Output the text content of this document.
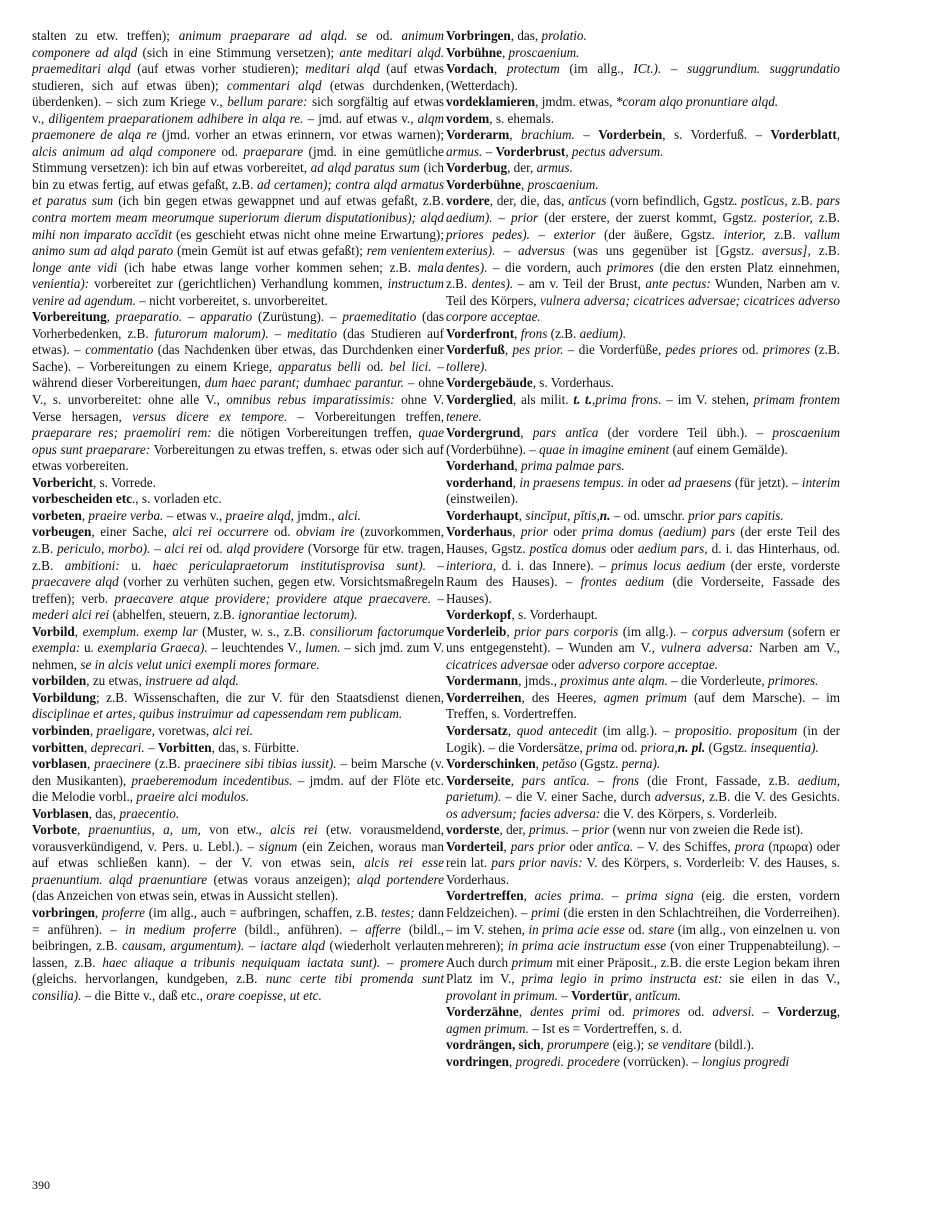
stalten zu etw. treffen); animum praeparare ad alqd. se od. animum componere ad alqd (sich in eine Stimmung versetzen); ante meditari alqd. praemeditari alqd (auf etwas vorher studieren); meditari alqd (auf etwas studieren, sich auf etwas üben); commentari alqd (etwas durchdenken, überdenken). – sich zum Kriege v., bellum parare: sich sorgfältig auf etwas v., diligentem praeparationem adhibere in alqa re. – jmd. auf etwas v., alqm praemonere de alqa re (jmd. vorher an etwas erinnern, vor etwas warnen); alcis animum ad alqd componere od. praeparare (jmd. in eine gemütliche Stimmung versetzen): ich bin auf etwas vorbereitet, ad alqd paratus sum (ich bin zu etwas fertig, auf etwas gefaßt, z.B. ad certamen); contra alqd armatus et paratus sum (ich bin gegen etwas gewappnet und auf etwas gefaßt, z.B. contra mortem meam meorumque superiorum dierum disputationibus); alqd mihi non imparato accĭdit (es geschieht etwas nicht ohne meine Erwartung); animo sum ad alqd parato (mein Gemüt ist auf etwas gefaßt); rem venientem longe ante vidi (ich habe etwas lange vorher kommen sehen; z.B. mala venientia): vorbereitet zur (gerichtlichen) Verhandlung kommen, instructum venire ad agendum. – nicht vorbereitet, s. unvorbereitet.

Vorbereitung, praeparatio. – apparatio (Zurüstung). – praemeditatio (das Vorherbedenken, z.B. futurorum malorum). – meditatio (das Studieren auf etwas). – commentatio (das Nachdenken über etwas, das Durchdenken einer Sache). – Vorbereitungen zu einem Kriege, apparatus belli od. bel lici. – während dieser Vorbereitungen, dum haec parant; dumhaec parantur. – ohne V., s. unvorbereitet: ohne alle V., omnibus rebus imparatissimis: ohne V. Verse hersagen, versus dicere ex tempore. – Vorbereitungen treffen, praeparare res; praemoliri rem: die nötigen Vorbereitungen treffen, quae opus sunt praeparare: Vorbereitungen zu etwas treffen, s. etwas oder sich auf etwas vorbereiten.

Vorbericht, s. Vorrede.

vorbescheiden etc., s. vorladen etc.

vorbeten, praeire verba. – etwas v., praeire alqd, jmdm., alci.

vorbeugen, einer Sache, alci rei occurrere od. obviam ire (zuvorkommen, z.B. periculo, morbo). – alci rei od. alqd providere (Vorsorge für etw. tragen, z.B. ambitioni: u. haec periculapraetorum institutisprovisa sunt). – praecavere alqd (vorher zu verhüten suchen, gegen etw. Vorsichtsmaßregeln treffen); verb. praecavere atque providere; providere atque praecavere. – mederi alci rei (abhelfen, steuern, z.B. ignorantiae lectorum).

Vorbild, exemplum. exemp lar (Muster, w. s., z.B. consiliorum factorumque exempla: u. exemplaria Graeca). – leuchtendes V., lumen. – sich jmd. zum V. nehmen, se in alcis velut unici exempli mores formare.

vorbilden, zu etwas, instruere ad alqd.

Vorbildung; z.B. Wissenschaften, die zur V. für den Staatsdienst dienen, disciplinae et artes, quibus instruimur ad capessendam rem publicam.

vorbinden, praeligare, voretwas, alci rei.

vorbitten, deprecari. – Vorbitten, das, s. Fürbitte.

vorblasen, praecinere (z.B. praecinere sibi tibias iussit). – beim Marsche (v. den Musikanten), praeberemodum incedentibus. – jmdm. auf der Flöte etc. die Melodie vorbl., praeire alci modulos.

Vorblasen, das, praecentio.

Vorbote, praenuntius, a, um, von etw., alcis rei (etw. vorausmeldend, vorausverkündigend, v. Pers. u. Lebl.). – signum (ein Zeichen, woraus man auf etwas schließen kann). – der V. von etwas sein, alcis rei esse praenuntium. alqd praenuntiare (etwas voraus anzeigen); alqd portendere (das Anzeichen von etwas sein, etwas in Aussicht stellen).

vorbringen, proferre (im allg., auch = aufbringen, schaffen, z.B. testes; dann = anführen). – in medium proferre (bildl., anführen). – afferre (bildl., beibringen, z.B. causam, argumentum). – iactare alqd (wiederholt verlauten lassen, z.B. haec aliaque a tribunis nequiquam iactata sunt). – promere (gleichs. hervorlangen, kundgeben, z.B. nunc certe tibi promenda sunt consilia). – die Bitte v., daß etc., orare coepisse, ut etc.

Vorbringen, das, prolatio.

Vorbühne, proscaenium.

Vordach, protectum (im allg., ICt.). – suggrundium. suggrundatio (Wetterdach).

vordeklamieren, jmdm. etwas, *coram alqo pronuntiare alqd.

vordem, s. ehemals.

Vorderarm, brachium. – Vorderbein, s. Vorderfuß. – Vorderblatt, armus. – Vorderbrust, pectus adversum.

Vorderbug, der, armus.

Vorderbühne, proscaenium.

vordere, der, die, das, antĭcus (vorn befindlich, Ggstz. postĭcus, z.B. pars aedium). – prior (der erstere, der zuerst kommt, Ggstz. posterior, z.B. priores pedes). – exterior (der äußere, Ggstz. interior, z.B. vallum exterius). – adversus (was uns gegenüber ist [Ggstz. aversus], z.B. dentes). – die vordern, auch primores (die den ersten Platz einnehmen, z.B. dentes). – am v. Teil der Brust, ante pectus: Wunden, Narben am v. Teil des Körpers, vulnera adversa; cicatrices adversae; cicatrices adverso corpore acceptae.

Vorderfront, frons (z.B. aedium).

Vorderfuß, pes prior. – die Vorderfüße, pedes priores od. primores (z.B. tollere).

Vordergebäude, s. Vorderhaus.

Vorderglied, als milit. t. t.,prima frons. – im V. stehen, primam frontem tenere.

Vordergrund, pars antĭca (der vordere Teil übh.). – proscaenium (Vorderbühne). – quae in imagine eminent (auf einem Gemälde).

Vorderhand, prima palmae pars.

vorderhand, in praesens tempus. in oder ad praesens (für jetzt). – interim (einstweilen).

Vorderhaupt, sincĭput, pĭtis,n. – od. umschr. prior pars capitis.

Vorderhaus, prior oder prima domus (aedium) pars (der erste Teil des Hauses, Ggstz. postĭca domus oder aedium pars, d. i. das Hinterhaus, od. interiora, d. i. das Innere). – primus locus aedium (der erste, vorderste Raum des Hauses). – frontes aedium (die Vorderseite, Fassade des Hauses).

Vorderkopf, s. Vorderhaupt.

Vorderleib, prior pars corporis (im allg.). – corpus adversum (sofern er uns entgegensteht). – Wunden am V., vulnera adversa: Narben am V., cicatrices adversae oder adverso corpore acceptae.

Vordermann, jmds., proximus ante alqm. – die Vorderleute, primores.

Vorderreihen, des Heeres, agmen primum (auf dem Marsche). – im Treffen, s. Vordertreffen.

Vordersatz, quod antecedit (im allg.). – propositio. propositum (in der Logik). – die Vordersätze, prima od. priora,n. pl. (Ggstz. insequentia).

Vorderschinken, petăso (Ggstz. perna).

Vorderseite, pars antĭca. – frons (die Front, Fassade, z.B. aedium, parietum). – die V. einer Sache, durch adversus, z.B. die V. des Gesichts. os adversum; facies adversa: die V. des Körpers, s. Vorderleib.

vorderste, der, primus. – prior (wenn nur von zweien die Rede ist).

Vorderteil, pars prior oder antĭca. – V. des Schiffes, prora (πρωρα) oder rein lat. pars prior navis: V. des Körpers, s. Vorderleib: V. des Hauses, s. Vorderhaus.

Vordertreffen, acies prima. – prima signa (eig. die ersten, vordern Feldzeichen). – primi (die ersten in den Schlachtreihen, die Vorderreihen). – im V. stehen, in prima acie esse od. stare (im allg., von einzelnen u. von mehreren); in prima acie instructum esse (von einer Truppenabteilung). – Auch durch primum mit einer Präposit., z.B. die erste Legion bekam ihren Platz im V., prima legio in primo instructa est: sie eilen in das V., provolant in primum. – Vordertür, antĭcum.

Vorderzähne, dentes primi od. primores od. adversi. – Vorderzug, agmen primum. – Ist es = Vordertreffen, s. d.

vordrängen, sich, prorumpere (eig.); se venditare (bildl.).

vordringen, progredi. procedere (vorrücken). – longius progredi

390
